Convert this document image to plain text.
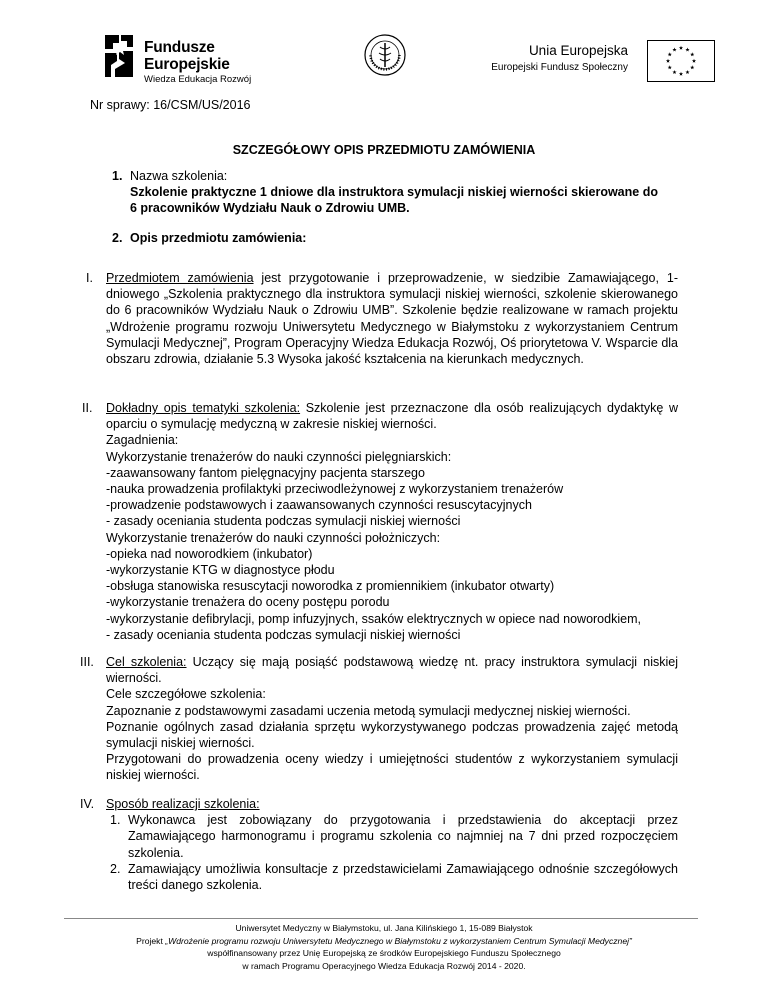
Fundusze
Europejskie
Wiedza Edukacja Rozwój
Unia Europejska
Europejski Fundusz Społeczny
Nr sprawy: 16/CSM/US/2016
SZCZEGÓŁOWY OPIS PRZEDMIOTU ZAMÓWIENIA
1. Nazwa szkolenia:
Szkolenie praktyczne 1 dniowe dla instruktora symulacji niskiej wierności skierowane do
6 pracowników Wydziału Nauk o Zdrowiu UMB.
2. Opis przedmiotu zamówienia:
I.	Przedmiotem zamówienia jest przygotowanie i przeprowadzenie, w siedzibie Zamawiającego, 1-dniowego „Szkolenia praktycznego dla instruktora symulacji niskiej wierności, szkolenie skierowanego do 6 pracowników Wydziału Nauk o Zdrowiu UMB”. Szkolenie będzie realizowane w ramach projektu „Wdrożenie programu rozwoju Uniwersytetu Medycznego w Białymstoku z wykorzystaniem Centrum Symulacji Medycznej”, Program Operacyjny Wiedza Edukacja Rozwój, Oś priorytetowa V. Wsparcie dla obszaru zdrowia, działanie 5.3 Wysoka jakość kształcenia na kierunkach medycznych.
II.	Dokładny opis tematyki szkolenia: Szkolenie jest przeznaczone dla osób realizujących dydaktykę w oparciu o symulację medyczną w zakresie niskiej wierności.
Zagadnienia:
Wykorzystanie trenażerów do nauki czynności pielęgniarskich:
-zaawansowany fantom pielęgnacyjny pacjenta starszego
-nauka prowadzenia profilaktyki przeciwodleżynowej z wykorzystaniem trenażerów
-prowadzenie podstawowych i zaawansowanych czynności resuscytacyjnych
- zasady oceniania studenta podczas symulacji niskiej wierności
Wykorzystanie trenażerów do nauki czynności położniczych:
-opieka nad noworodkiem (inkubator)
-wykorzystanie KTG w diagnostyce płodu
-obsługa stanowiska resuscytacji noworodka z promiennikiem (inkubator otwarty)
-wykorzystanie trenażera do oceny postępu porodu
-wykorzystanie defibrylacji, pomp infuzyjnych, ssaków elektrycznych w opiece nad noworodkiem,
- zasady oceniania studenta podczas symulacji niskiej wierności
III. Cel szkolenia: Uczący się mają posiąść podstawową wiedzę nt. pracy instruktora symulacji niskiej wierności.
Cele szczegółowe szkolenia:
Zapoznanie z podstawowymi zasadami uczenia metodą symulacji medycznej niskiej wierności.
Poznanie ogólnych zasad działania sprzętu wykorzystywanego podczas prowadzenia zajęć metodą symulacji niskiej wierności.
Przygotowani do prowadzenia oceny wiedzy i umiejętności studentów z wykorzystaniem symulacji niskiej wierności.
IV. Sposób realizacji szkolenia:
1. Wykonawca jest zobowiązany do przygotowania i przedstawienia do akceptacji przez Zamawiającego harmonogramu i programu szkolenia co najmniej na 7 dni przed rozpoczęciem szkolenia.
2. Zamawiający umożliwia konsultacje z przedstawicielami Zamawiającego odnośnie szczegółowych treści danego szkolenia.
Uniwersytet Medyczny w Białymstoku, ul. Jana Kilińskiego 1, 15-089 Białystok
Projekt „Wdrożenie programu rozwoju Uniwersytetu Medycznego w Białymstoku z wykorzystaniem Centrum Symulacji Medycznej”
współfinansowany przez Unię Europejską ze środków Europejskiego Funduszu Społecznego
w ramach Programu Operacyjnego Wiedza Edukacja Rozwój 2014 - 2020.
